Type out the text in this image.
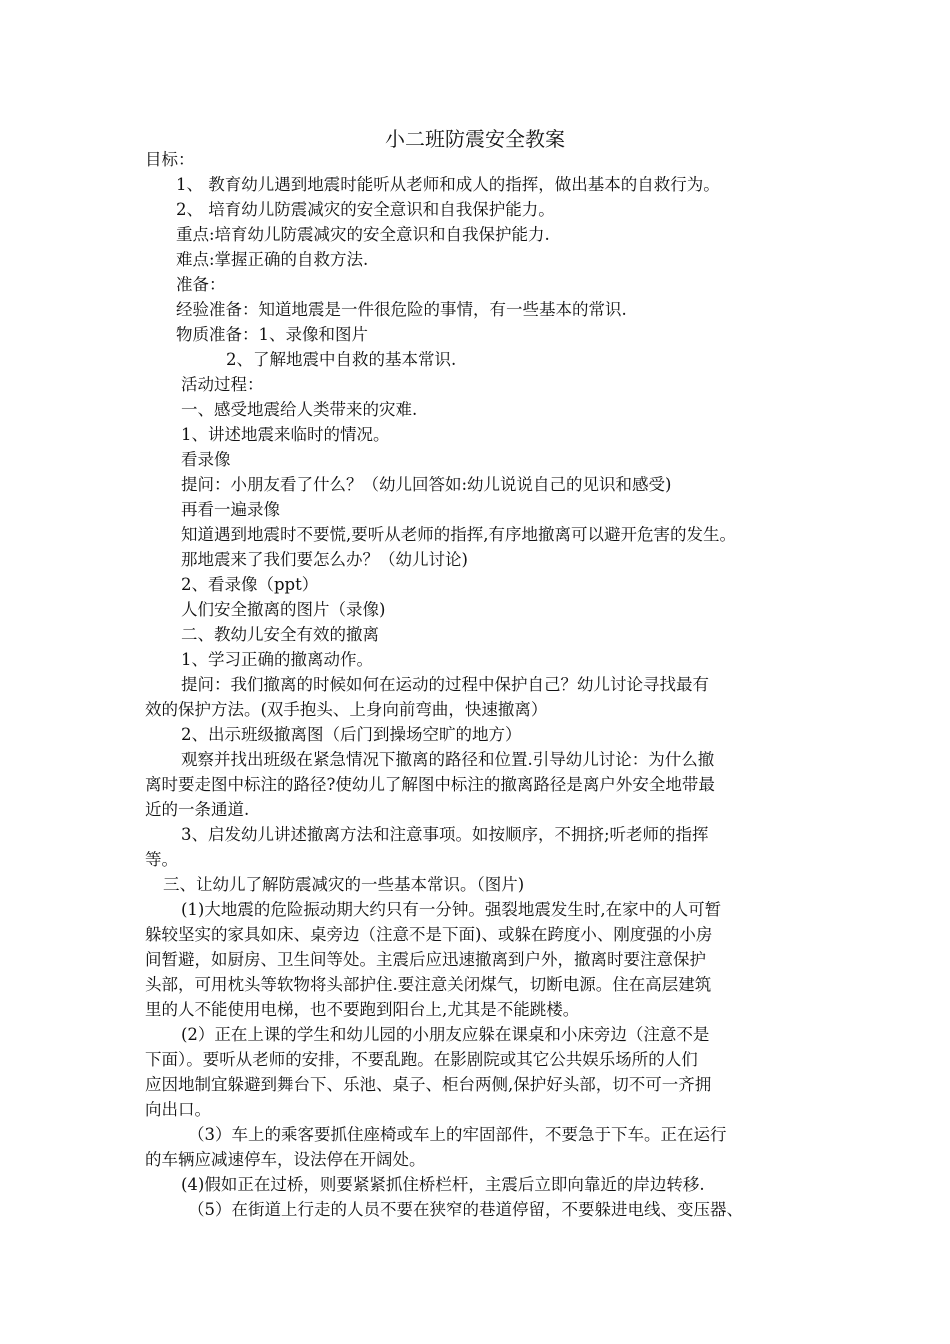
小二班防震安全教案
目标：
1、 教育幼儿遇到地震时能听从老师和成人的指挥，做出基本的自救行为。
2、 培育幼儿防震减灾的安全意识和自我保护能力。
重点:培育幼儿防震减灾的安全意识和自我保护能力.
难点:掌握正确的自救方法.
准备：
经验准备：知道地震是一件很危险的事情，有一些基本的常识.
物质准备：1、录像和图片
2、了解地震中自救的基本常识.
活动过程：
一、感受地震给人类带来的灾难.
1、讲述地震来临时的情况。
看录像
提问：小朋友看了什么？（幼儿回答如:幼儿说说自己的见识和感受)
再看一遍录像
知道遇到地震时不要慌,要听从老师的指挥,有序地撤离可以避开危害的发生。
那地震来了我们要怎么办？（幼儿讨论)
2、看录像（ppt）
人们安全撤离的图片（录像)
二、教幼儿安全有效的撤离
1、学习正确的撤离动作。
提问：我们撤离的时候如何在运动的过程中保护自己？幼儿讨论寻找最有
效的保护方法。(双手抱头、上身向前弯曲，快速撤离）
2、出示班级撤离图（后门到操场空旷的地方）
观察并找出班级在紧急情况下撤离的路径和位置.引导幼儿讨论：为什么撤
离时要走图中标注的路径?使幼儿了解图中标注的撤离路径是离户外安全地带最
近的一条通道.
3、启发幼儿讲述撤离方法和注意事项。如按顺序，不拥挤;听老师的指挥
等。
三、让幼儿了解防震减灾的一些基本常识。（图片)
(1)大地震的危险振动期大约只有一分钟。强裂地震发生时,在家中的人可暂
躲较坚实的家具如床、桌旁边（注意不是下面)、或躲在跨度小、刚度强的小房
间暂避，如厨房、卫生间等处。主震后应迅速撤离到户外，撤离时要注意保护
头部，可用枕头等软物将头部护住.要注意关闭煤气，切断电源。住在高层建筑
里的人不能使用电梯，也不要跑到阳台上,尤其是不能跳楼。
(2）正在上课的学生和幼儿园的小朋友应躲在课桌和小床旁边（注意不是
下面）。要听从老师的安排，不要乱跑。在影剧院或其它公共娱乐场所的人们
应因地制宜躲避到舞台下、乐池、桌子、柜台两侧,保护好头部，切不可一齐拥
向出口。
（3）车上的乘客要抓住座椅或车上的牢固部件，不要急于下车。正在运行
的车辆应减速停车，设法停在开阔处。
(4)假如正在过桥，则要紧紧抓住桥栏杆，主震后立即向靠近的岸边转移.
（5）在街道上行走的人员不要在狭窄的巷道停留，不要躲进电线、变压器、
